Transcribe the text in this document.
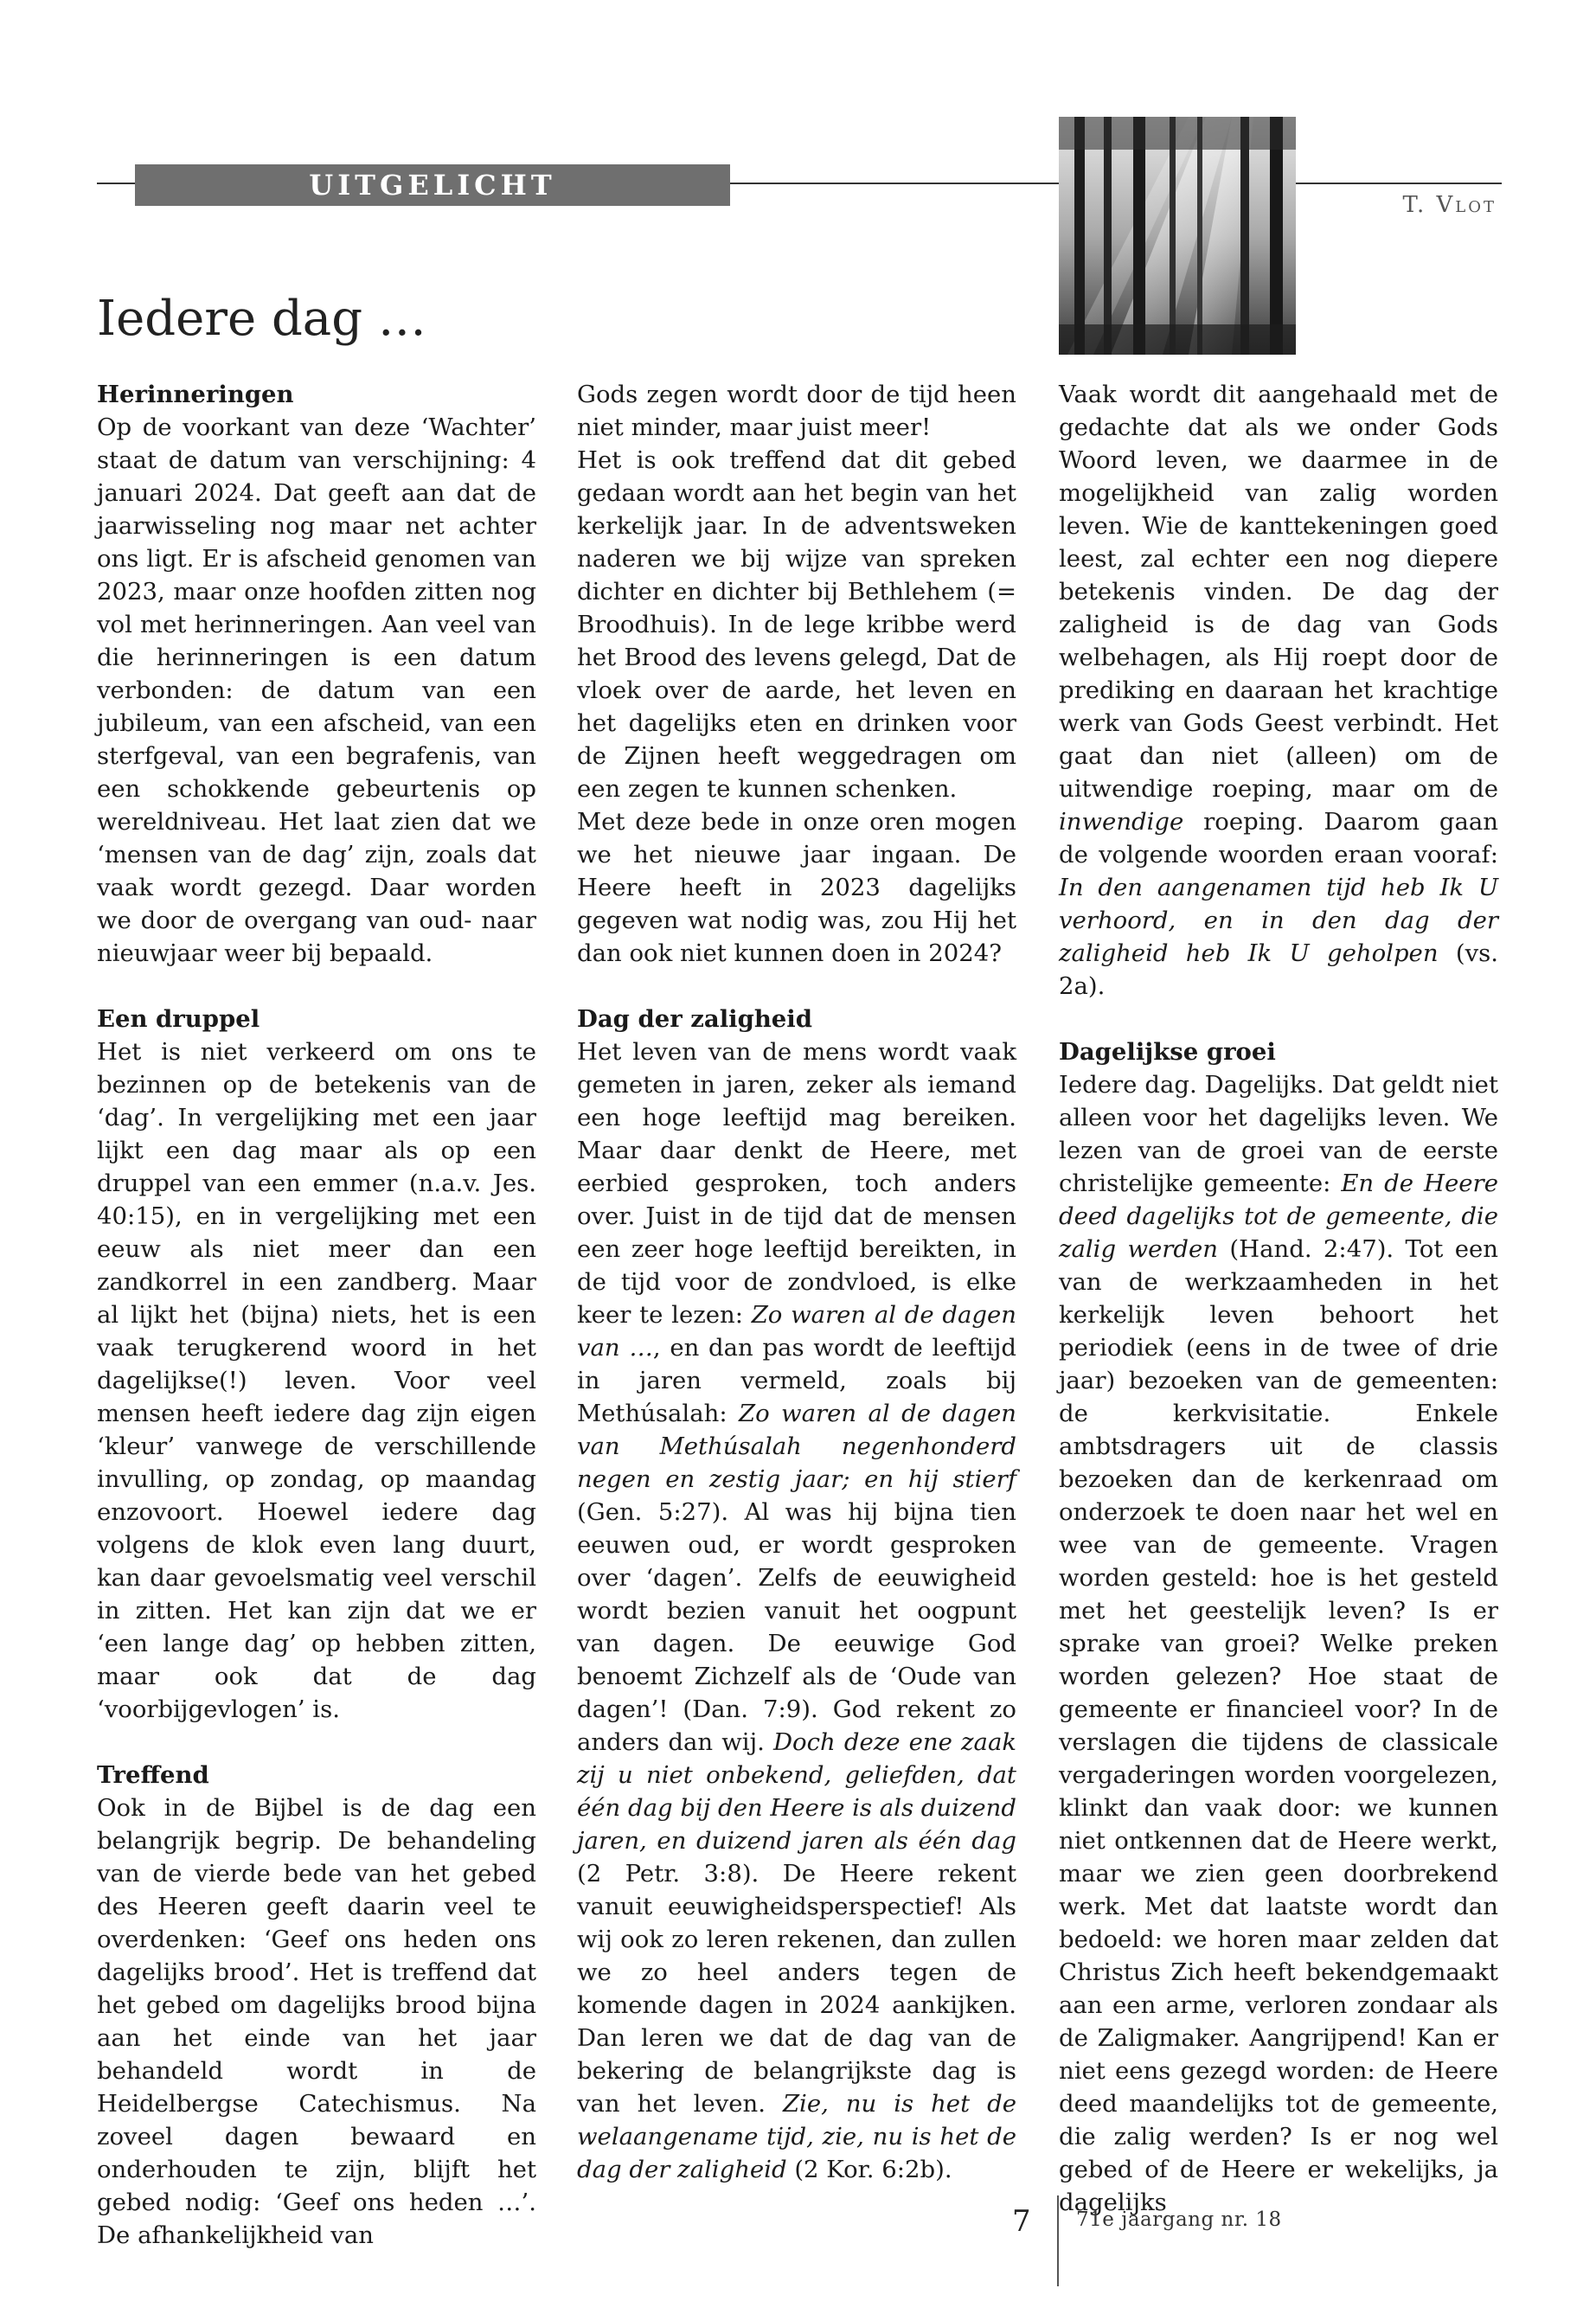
UITGELICHT
T. Vlot
Iedere dag …
Herinneringen

Op de voorkant van deze ‘Wachter’ staat de datum van verschijning: 4 januari 2024. Dat geeft aan dat de jaarwisseling nog maar net achter ons ligt. Er is afscheid genomen van 2023, maar onze hoofden zitten nog vol met herinneringen. Aan veel van die herinneringen is een datum verbonden: de datum van een jubileum, van een afscheid, van een sterfgeval, van een begrafenis, van een schokkende gebeurtenis op wereldniveau. Het laat zien dat we ‘mensen van de dag’ zijn, zoals dat vaak wordt gezegd. Daar worden we door de overgang van oud- naar nieuwjaar weer bij bepaald.

Een druppel

Het is niet verkeerd om ons te bezinnen op de betekenis van de ‘dag’. In vergelijking met een jaar lijkt een dag maar als op een druppel van een emmer (n.a.v. Jes. 40:15), en in vergelijking met een eeuw als niet meer dan een zandkorrel in een zandberg. Maar al lijkt het (bijna) niets, het is een vaak terugkerend woord in het dagelijkse(!) leven. Voor veel mensen heeft iedere dag zijn eigen ‘kleur’ vanwege de verschillende invulling, op zondag, op maandag enzovoort. Hoewel iedere dag volgens de klok even lang duurt, kan daar gevoelsmatig veel verschil in zitten. Het kan zijn dat we er ‘een lange dag’ op hebben zitten, maar ook dat de dag ‘voorbijgevlogen’ is.

Treffend

Ook in de Bijbel is de dag een belangrijk begrip. De behandeling van de vierde bede van het gebed des Heeren geeft daarin veel te overdenken: ‘Geef ons heden ons dagelijks brood’. Het is treffend dat het gebed om dagelijks brood bijna aan het einde van het jaar behandeld wordt in de Heidelbergse Catechismus. Na zoveel dagen bewaard en onderhouden te zijn, blijft het gebed nodig: ‘Geef ons heden …’. De afhankelijkheid van

Gods zegen wordt door de tijd heen niet minder, maar juist meer!

Het is ook treffend dat dit gebed gedaan wordt aan het begin van het kerkelijk jaar. In de adventsweken naderen we bij wijze van spreken dichter en dichter bij Bethlehem (= Broodhuis). In de lege kribbe werd het Brood des levens gelegd, Dat de vloek over de aarde, het leven en het dagelijks eten en drinken voor de Zijnen heeft weggedragen om een zegen te kunnen schenken.

Met deze bede in onze oren mogen we het nieuwe jaar ingaan. De Heere heeft in 2023 dagelijks gegeven wat nodig was, zou Hij het dan ook niet kunnen doen in 2024?

Dag der zaligheid

Het leven van de mens wordt vaak gemeten in jaren, zeker als iemand een hoge leeftijd mag bereiken. Maar daar denkt de Heere, met eerbied gesproken, toch anders over. Juist in de tijd dat de mensen een zeer hoge leeftijd bereikten, in de tijd voor de zondvloed, is elke keer te lezen: Zo waren al de dagen van …, en dan pas wordt de leeftijd in jaren vermeld, zoals bij Methúsalah: Zo waren al de dagen van Methúsalah negenhonderd negen en zestig jaar; en hij stierf (Gen. 5:27). Al was hij bijna tien eeuwen oud, er wordt gesproken over ‘dagen’. Zelfs de eeuwigheid wordt bezien vanuit het oogpunt van dagen. De eeuwige God benoemt Zichzelf als de ‘Oude van dagen’! (Dan. 7:9). God rekent zo anders dan wij. Doch deze ene zaak zij u niet onbekend, geliefden, dat één dag bij den Heere is als duizend jaren, en duizend jaren als één dag (2 Petr. 3:8). De Heere rekent vanuit eeuwigheidsperspectief! Als wij ook zo leren rekenen, dan zullen we zo heel anders tegen de komende dagen in 2024 aankijken. Dan leren we dat de dag van de bekering de belangrijkste dag is van het leven. Zie, nu is het de welaangename tijd, zie, nu is het de dag der zaligheid (2 Kor. 6:2b).

Vaak wordt dit aangehaald met de gedachte dat als we onder Gods Woord leven, we daarmee in de mogelijkheid van zalig worden leven. Wie de kanttekeningen goed leest, zal echter een nog diepere betekenis vinden. De dag der zaligheid is de dag van Gods welbehagen, als Hij roept door de prediking en daaraan het krachtige werk van Gods Geest verbindt. Het gaat dan niet (alleen) om de uitwendige roeping, maar om de inwendige roeping. Daarom gaan de volgende woorden eraan vooraf: In den aangenamen tijd heb Ik U verhoord, en in den dag der zaligheid heb Ik U geholpen (vs. 2a).

Dagelijkse groei

Iedere dag. Dagelijks. Dat geldt niet alleen voor het dagelijks leven. We lezen van de groei van de eerste christelijke gemeente: En de Heere deed dagelijks tot de gemeente, die zalig werden (Hand. 2:47). Tot een van de werkzaamheden in het kerkelijk leven behoort het periodiek (eens in de twee of drie jaar) bezoeken van de gemeenten: de kerkvisitatie. Enkele ambtsdragers uit de classis bezoeken dan de kerkenraad om onderzoek te doen naar het wel en wee van de gemeente. Vragen worden gesteld: hoe is het gesteld met het geestelijk leven? Is er sprake van groei? Welke preken worden gelezen? Hoe staat de gemeente er financieel voor? In de verslagen die tijdens de classicale vergaderingen worden voorgelezen, klinkt dan vaak door: we kunnen niet ontkennen dat de Heere werkt, maar we zien geen doorbrekend werk. Met dat laatste wordt dan bedoeld: we horen maar zelden dat Christus Zich heeft bekendgemaakt aan een arme, verloren zondaar als de Zaligmaker. Aangrijpend! Kan er niet eens gezegd worden: de Heere deed maandelijks tot de gemeente, die zalig werden? Is er nog wel gebed of de Heere er wekelijks, ja dagelijks

7 71e jaargang nr. 18
